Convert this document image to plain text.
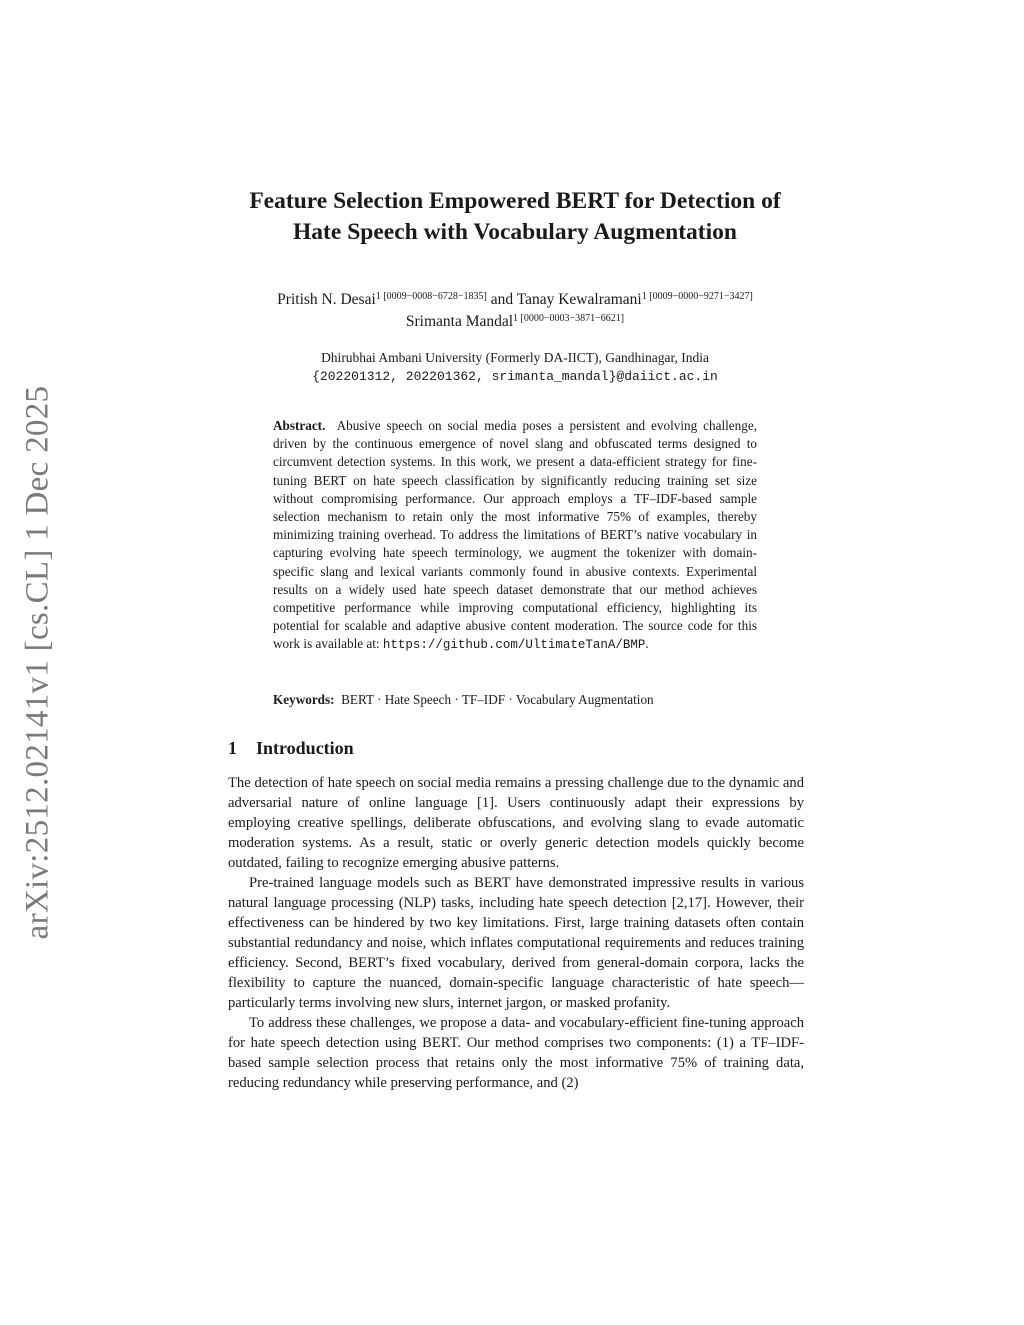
arXiv:2512.02141v1 [cs.CL] 1 Dec 2025
Feature Selection Empowered BERT for Detection of
Hate Speech with Vocabulary Augmentation
Pritish N. Desai$^{1 [0009-0008-6728-1835]}$ and Tanay Kewalramani$^{1 [0009-0000-9271-3427]}$
Srimanta Mandal$^{1 [0000-0003-3871-6621]}$
Dhirubhai Ambani University (Formerly DA-IICT), Gandhinagar, India
{202201312, 202201362, srimanta_mandal}@daiict.ac.in

Abstract. Abusive speech on social media poses a persistent and evolving challenge, driven by the continuous emergence of novel slang and obfuscated terms designed to circumvent detection systems. In this work, we present a data-efficient strategy for fine-tuning BERT on hate speech classification by significantly reducing training set size without compromising performance. Our approach employs a TF–IDF-based sample selection mechanism to retain only the most informative 75% of examples, thereby minimizing training overhead. To address the limitations of BERT’s native vocabulary in capturing evolving hate speech terminology, we augment the tokenizer with domain-specific slang and lexical variants commonly found in abusive contexts. Experimental results on a widely used hate speech dataset demonstrate that our method achieves competitive performance while improving computational efficiency, highlighting its potential for scalable and adaptive abusive content moderation. The source code for this work is available at: https://github.com/UltimateTanA/BMP.

Keywords: BERT · Hate Speech · TF–IDF · Vocabulary Augmentation

1 Introduction

The detection of hate speech on social media remains a pressing challenge due to the dynamic and adversarial nature of online language [1]. Users continuously adapt their expressions by employing creative spellings, deliberate obfuscations, and evolving slang to evade automatic moderation systems. As a result, static or overly generic detection models quickly become outdated, failing to recognize emerging abusive patterns.

Pre-trained language models such as BERT have demonstrated impressive results in various natural language processing (NLP) tasks, including hate speech detection [2,17]. However, their effectiveness can be hindered by two key limitations. First, large training datasets often contain substantial redundancy and noise, which inflates computational requirements and reduces training efficiency. Second, BERT’s fixed vocabulary, derived from general-domain corpora, lacks the flexibility to capture the nuanced, domain-specific language characteristic of hate speech—particularly terms involving new slurs, internet jargon, or masked profanity.

To address these challenges, we propose a data- and vocabulary-efficient fine-tuning approach for hate speech detection using BERT. Our method comprises two components: (1) a TF–IDF-based sample selection process that retains only the most informative 75% of training data, reducing redundancy while preserving performance, and (2)
